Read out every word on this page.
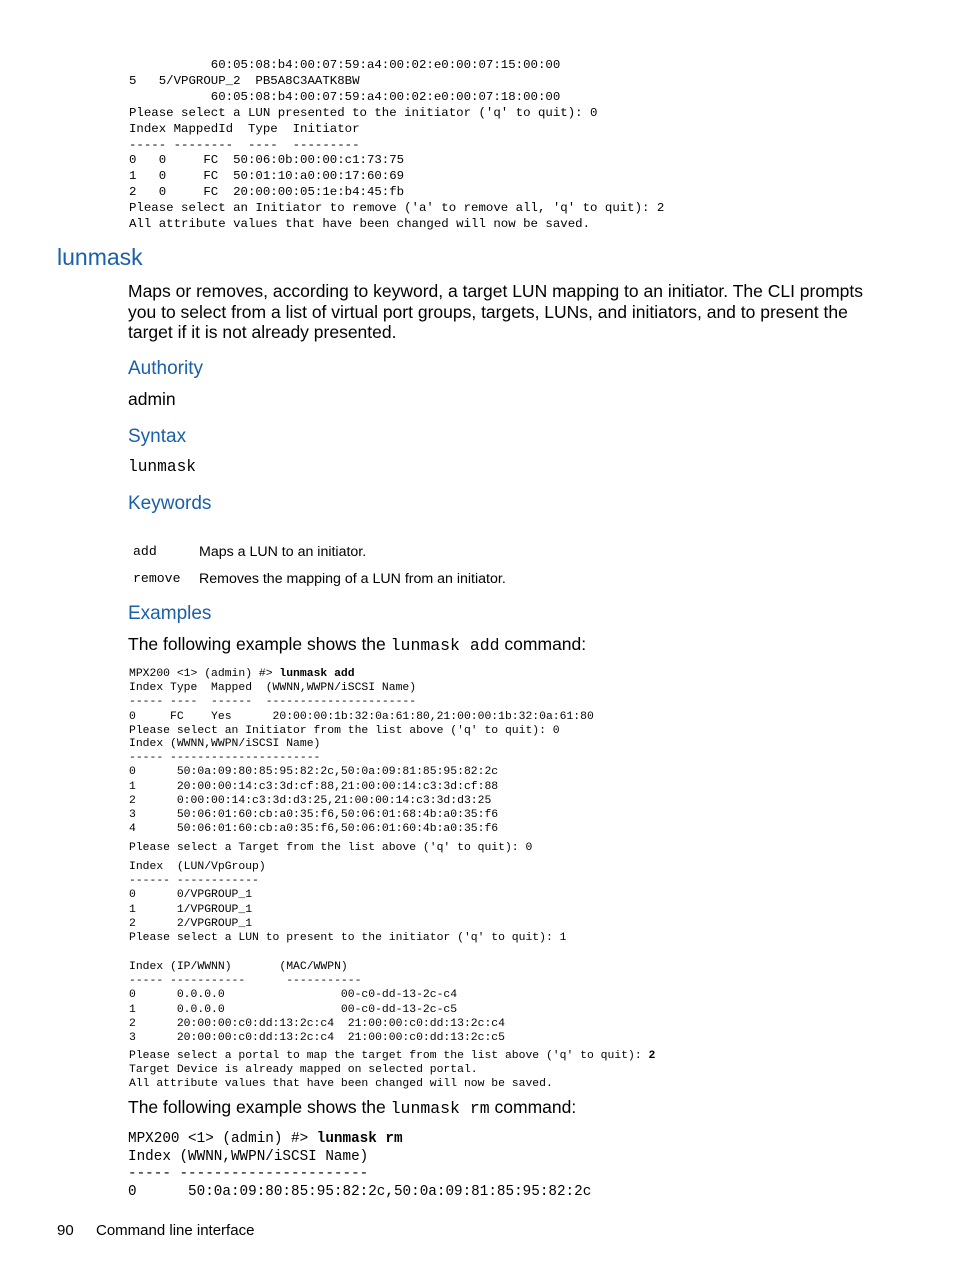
60:05:08:b4:00:07:59:a4:00:02:e0:00:07:15:00:00
5   5/VPGROUP_2  PB5A8C3AATK8BW
60:05:08:b4:00:07:59:a4:00:02:e0:00:07:18:00:00
Please select a LUN presented to the initiator ('q' to quit): 0
Index MappedId  Type  Initiator
----- --------  ----  ---------
0   0     FC  50:06:0b:00:00:c1:73:75
1   0     FC  50:01:10:a0:00:17:60:69
2   0     FC  20:00:00:05:1e:b4:45:fb
Please select an Initiator to remove ('a' to remove all, 'q' to quit): 2
All attribute values that have been changed will now be saved.
lunmask

Maps or removes, according to keyword, a target LUN mapping to an initiator. The CLI prompts you to select from a list of virtual port groups, targets, LUNs, and initiators, and to present the target if it is not already presented.

Authority

admin

Syntax
lunmask
Keywords
add	Maps a LUN to an initiator.
remove	Removes the mapping of a LUN from an initiator.
Examples

The following example shows the lunmask add command:

MPX200 <1> (admin) #> lunmask add
Index Type  Mapped  (WWNN,WWPN/iSCSI Name)
----- ----  ------  ----------------------
0     FC    Yes      20:00:00:1b:32:0a:61:80,21:00:00:1b:32:0a:61:80
Please select an Initiator from the list above ('q' to quit): 0
Index (WWNN,WWPN/iSCSI Name)
----- ----------------------
0      50:0a:09:80:85:95:82:2c,50:0a:09:81:85:95:82:2c
1      20:00:00:14:c3:3d:cf:88,21:00:00:14:c3:3d:cf:88
2      0:00:00:14:c3:3d:d3:25,21:00:00:14:c3:3d:d3:25
3      50:06:01:60:cb:a0:35:f6,50:06:01:68:4b:a0:35:f6
4      50:06:01:60:cb:a0:35:f6,50:06:01:60:4b:a0:35:f6
Please select a Target from the list above ('q' to quit): 0
Index  (LUN/VpGroup)
------ ------------
0      0/VPGROUP_1
1      1/VPGROUP_1
2      2/VPGROUP_1
Please select a LUN to present to the initiator ('q' to quit): 1
Index (IP/WWNN)       (MAC/WWPN)
----- -----------      -----------
0      0.0.0.0                 00-c0-dd-13-2c-c4
1      0.0.0.0                 00-c0-dd-13-2c-c5
2      20:00:00:c0:dd:13:2c:c4  21:00:00:c0:dd:13:2c:c4
3      20:00:00:c0:dd:13:2c:c4  21:00:00:c0:dd:13:2c:c5
Please select a portal to map the target from the list above ('q' to quit): 2
Target Device is already mapped on selected portal.
All attribute values that have been changed will now be saved.

The following example shows the lunmask rm command:

MPX200 <1> (admin) #> lunmask rm
Index (WWNN,WWPN/iSCSI Name)
----- ----------------------
0      50:0a:09:80:85:95:82:2c,50:0a:09:81:85:95:82:2c

90 Command line interface
